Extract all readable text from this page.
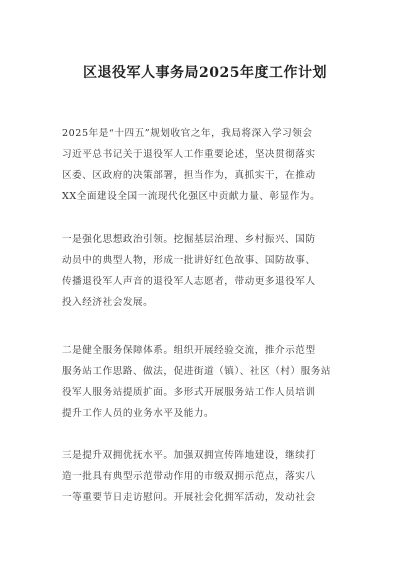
区退役军人事务局2025年度工作计划
2025年是“十四五”规划收官之年，我局将深入学习领会
习近平总书记关于退役军人工作重要论述，坚决贯彻落实
区委、区政府的决策部署，担当作为，真抓实干，在推动
XX全面建设全国一流现代化强区中贡献力量、彰显作为。
一是强化思想政治引领。挖掘基层治理、乡村振兴、国防
动员中的典型人物，形成一批讲好红色故事、国防故事、
传播退役军人声音的退役军人志愿者，带动更多退役军人
投入经济社会发展。
二是健全服务保障体系。组织开展经验交流，推介示范型
服务站工作思路、做法，促进街道（镇）、社区（村）服务站
役军人服务站提质扩面。多形式开展服务站工作人员培训
提升工作人员的业务水平及能力。
三是提升双拥优抚水平。加强双拥宣传阵地建设，继续打
造一批具有典型示范带动作用的市级双拥示范点，落实八
一等重要节日走访慰问。开展社会化拥军活动，发动社会
